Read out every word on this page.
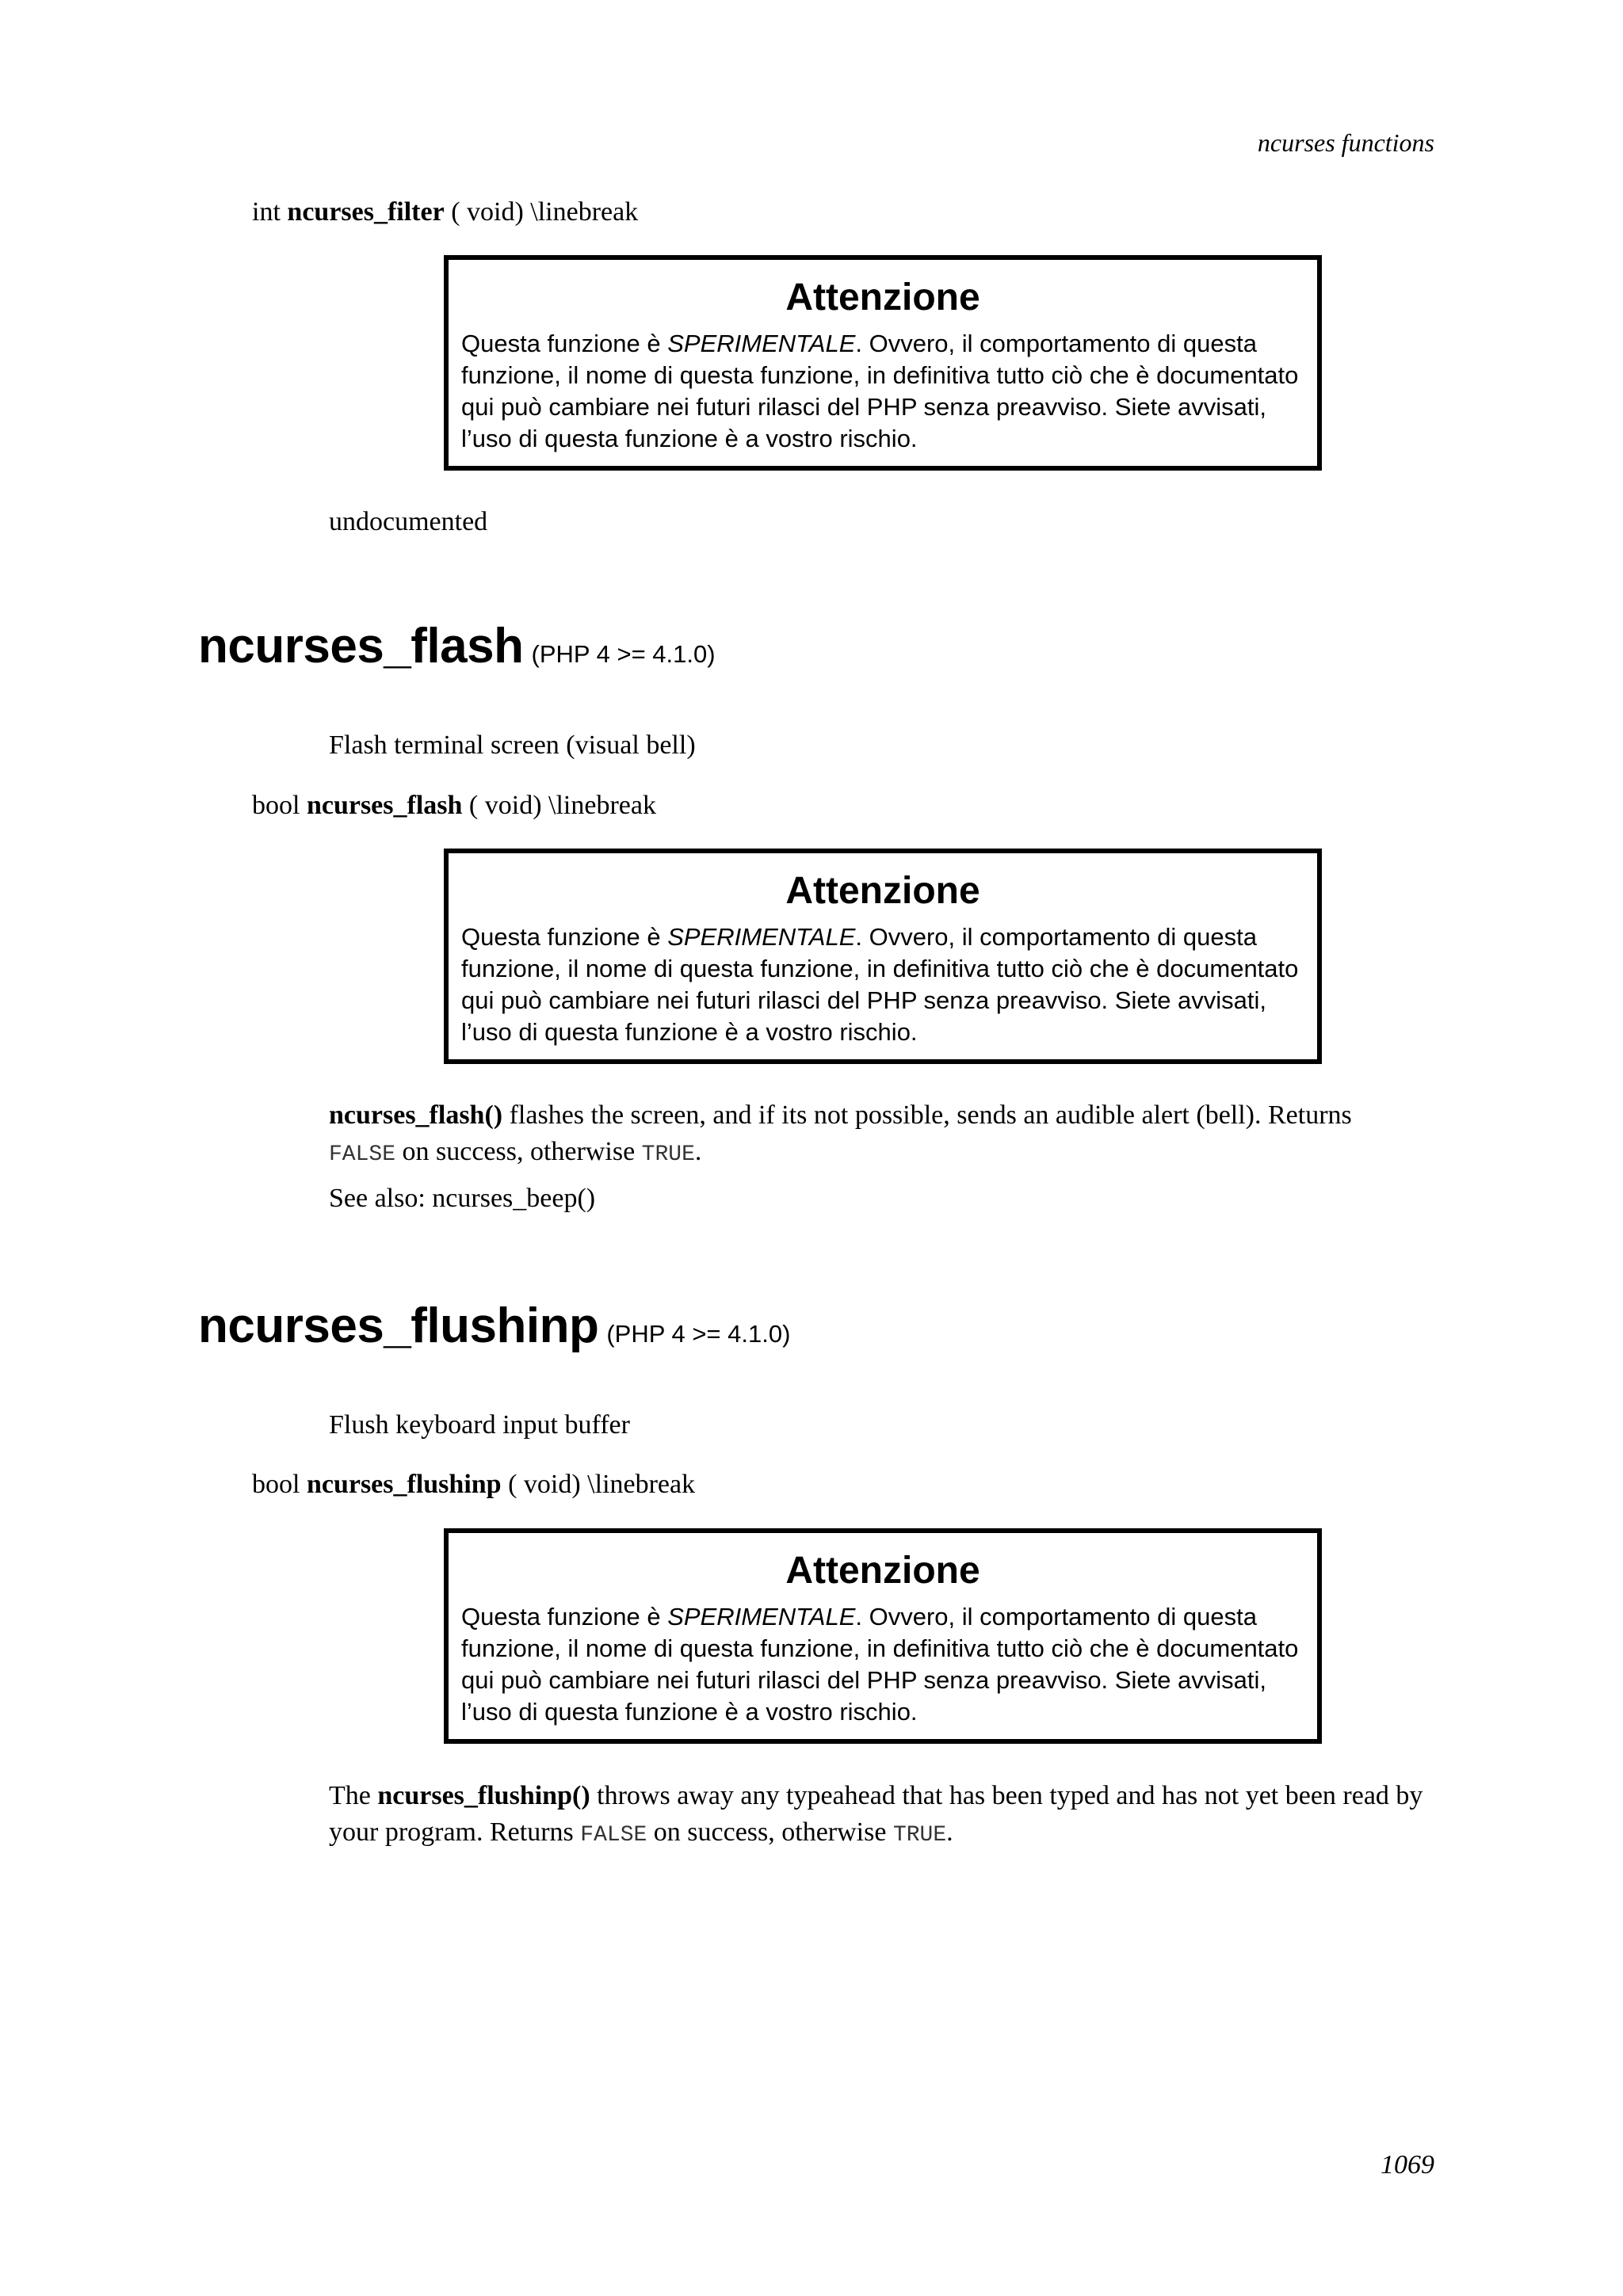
ncurses functions
int ncurses_filter ( void) \linebreak
Attenzione
Questa funzione è SPERIMENTALE. Ovvero, il comportamento di questa
funzione, il nome di questa funzione, in definitiva tutto ciò che è documentato
qui può cambiare nei futuri rilasci del PHP senza preavviso. Siete avvisati,
l’uso di questa funzione è a vostro rischio.
undocumented
ncurses_flash (PHP 4 >= 4.1.0)
Flash terminal screen (visual bell)
bool ncurses_flash ( void) \linebreak
Attenzione
Questa funzione è SPERIMENTALE. Ovvero, il comportamento di questa
funzione, il nome di questa funzione, in definitiva tutto ciò che è documentato
qui può cambiare nei futuri rilasci del PHP senza preavviso. Siete avvisati,
l’uso di questa funzione è a vostro rischio.
ncurses_flash() flashes the screen, and if its not possible, sends an audible alert (bell). Returns
FALSE on success, otherwise TRUE.
See also: ncurses_beep()
ncurses_flushinp (PHP 4 >= 4.1.0)
Flush keyboard input buffer
bool ncurses_flushinp ( void) \linebreak
Attenzione
Questa funzione è SPERIMENTALE. Ovvero, il comportamento di questa
funzione, il nome di questa funzione, in definitiva tutto ciò che è documentato
qui può cambiare nei futuri rilasci del PHP senza preavviso. Siete avvisati,
l’uso di questa funzione è a vostro rischio.
The ncurses_flushinp() throws away any typeahead that has been typed and has not yet been read by
your program. Returns FALSE on success, otherwise TRUE.
1069
